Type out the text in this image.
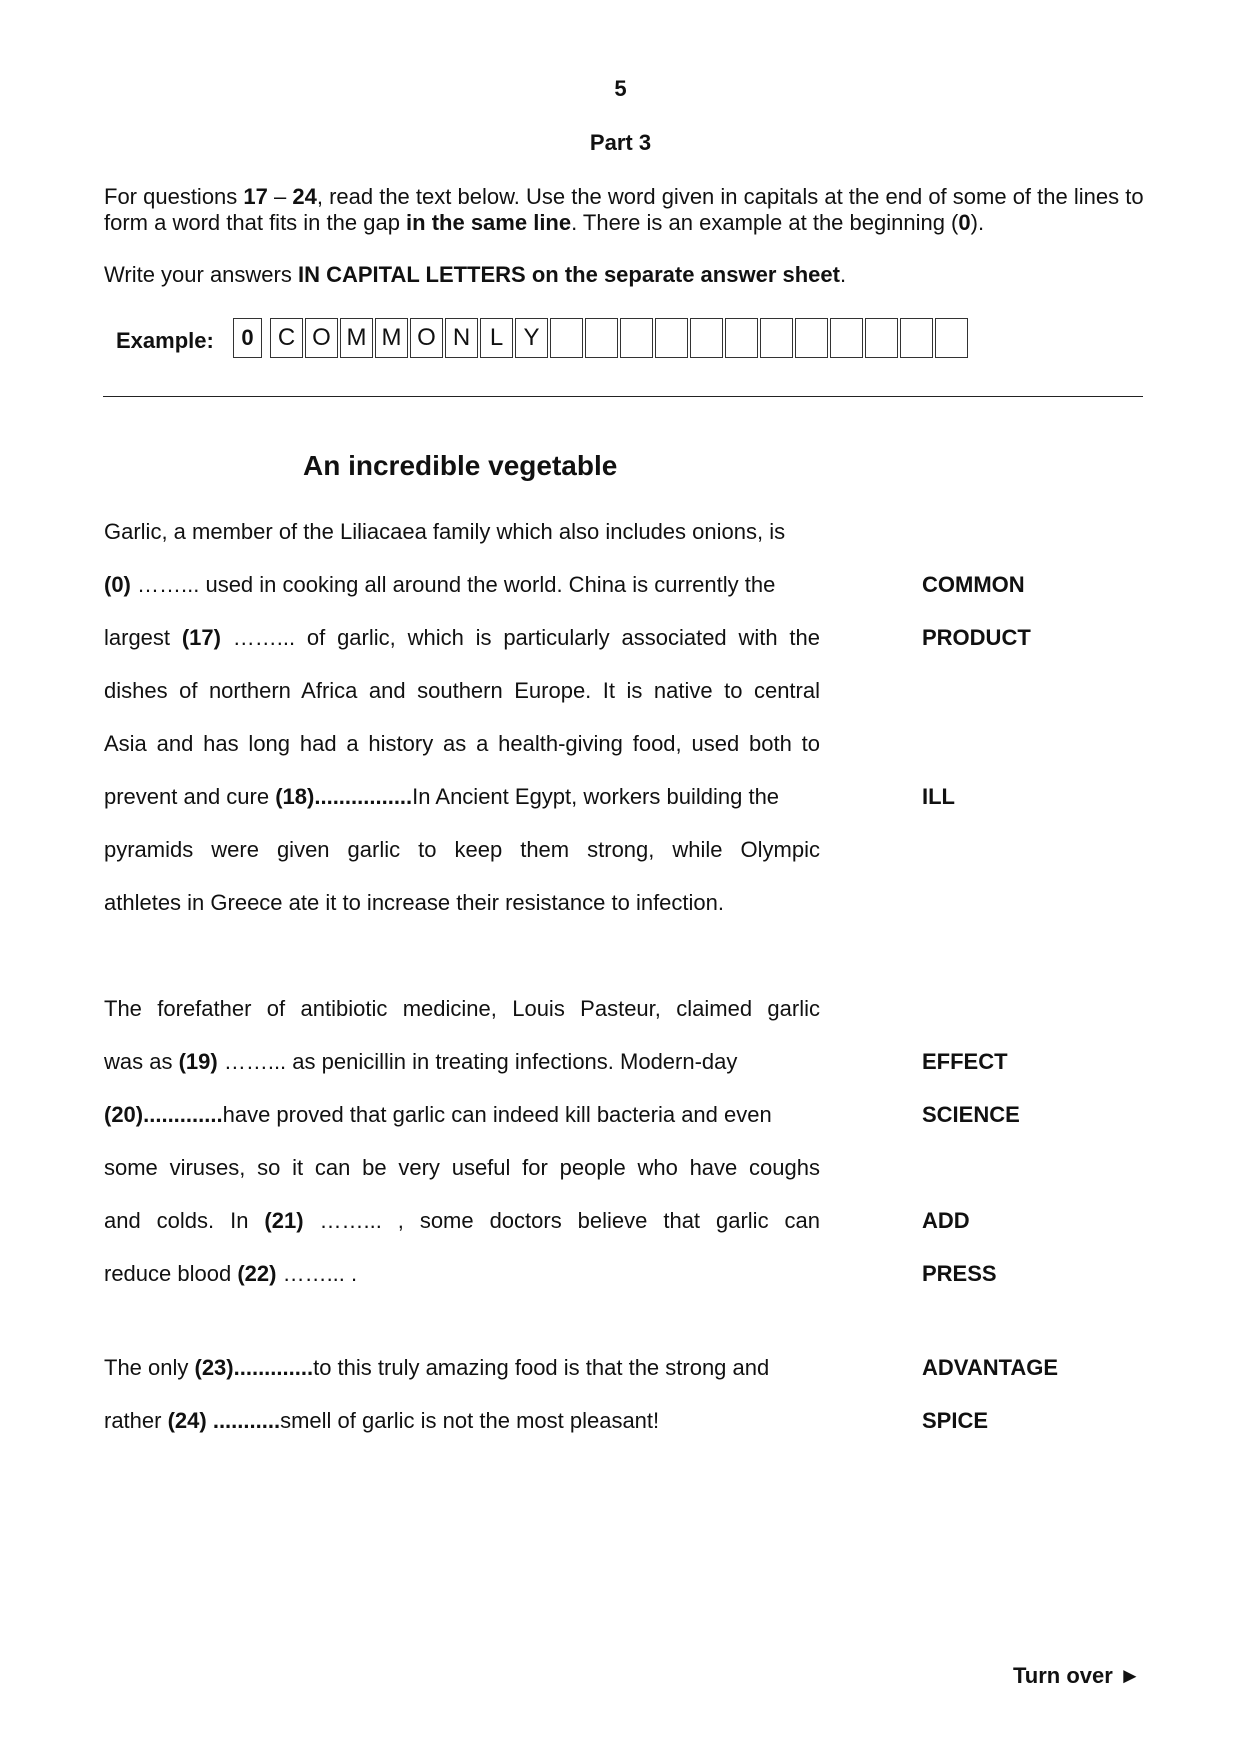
5
Part 3
For questions 17 – 24, read the text below. Use the word given in capitals at the end of some of the lines to form a word that fits in the gap in the same line. There is an example at the beginning (0).
Write your answers IN CAPITAL LETTERS on the separate answer sheet.
Example:	0	C O M M O N L Y
An incredible vegetable
Garlic, a member of the Liliacaea family which also includes onions, is
(0) ……... used in cooking all around the world. China is currently the
largest (17) ……... of garlic, which is particularly associated with the
dishes of northern Africa and southern Europe. It is native to central
Asia and has long had a history as a health-giving food, used both to
prevent and cure (18)................In Ancient Egypt, workers building the
pyramids were given garlic to keep them strong, while Olympic
athletes in Greece ate it to increase their resistance to infection.
The forefather of antibiotic medicine, Louis Pasteur, claimed garlic
was as (19) ……... as penicillin in treating infections. Modern-day
(20).............have proved that garlic can indeed kill bacteria and even
some viruses, so it can be very useful for people who have coughs
and colds. In (21) ……... , some doctors believe that garlic can
reduce blood (22) ……... .
The only (23).............to this truly amazing food is that the strong and
rather (24) ...........smell of garlic is not the most pleasant!
COMMON
PRODUCT
ILL
EFFECT
SCIENCE
ADD
PRESS
ADVANTAGE
SPICE
Turn over ►
